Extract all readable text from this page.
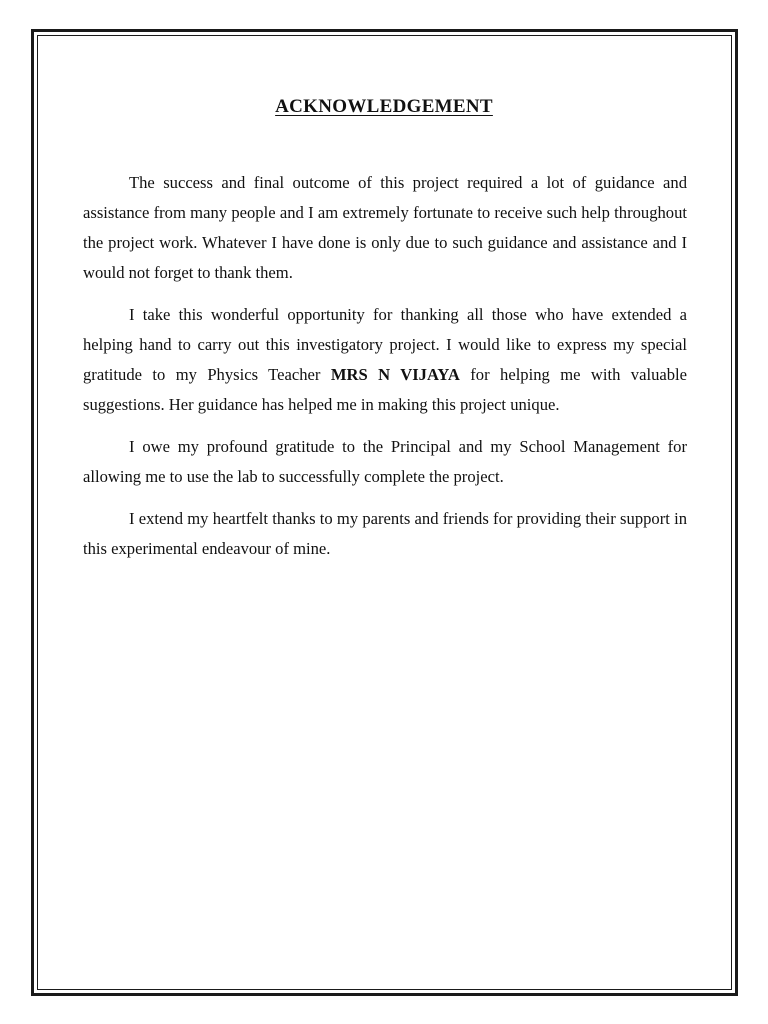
ACKNOWLEDGEMENT

The success and final outcome of this project required a lot of guidance and assistance from many people and I am extremely fortunate to receive such help throughout the project work. Whatever I have done is only due to such guidance and assistance and I would not forget to thank them.

I take this wonderful opportunity for thanking all those who have extended a helping hand to carry out this investigatory project. I would like to express my special gratitude to my Physics Teacher MRS N VIJAYA for helping me with valuable suggestions. Her guidance has helped me in making this project unique.

I owe my profound gratitude to the Principal and my School Management for allowing me to use the lab to successfully complete the project.

I extend my heartfelt thanks to my parents and friends for providing their support in this experimental endeavour of mine.
